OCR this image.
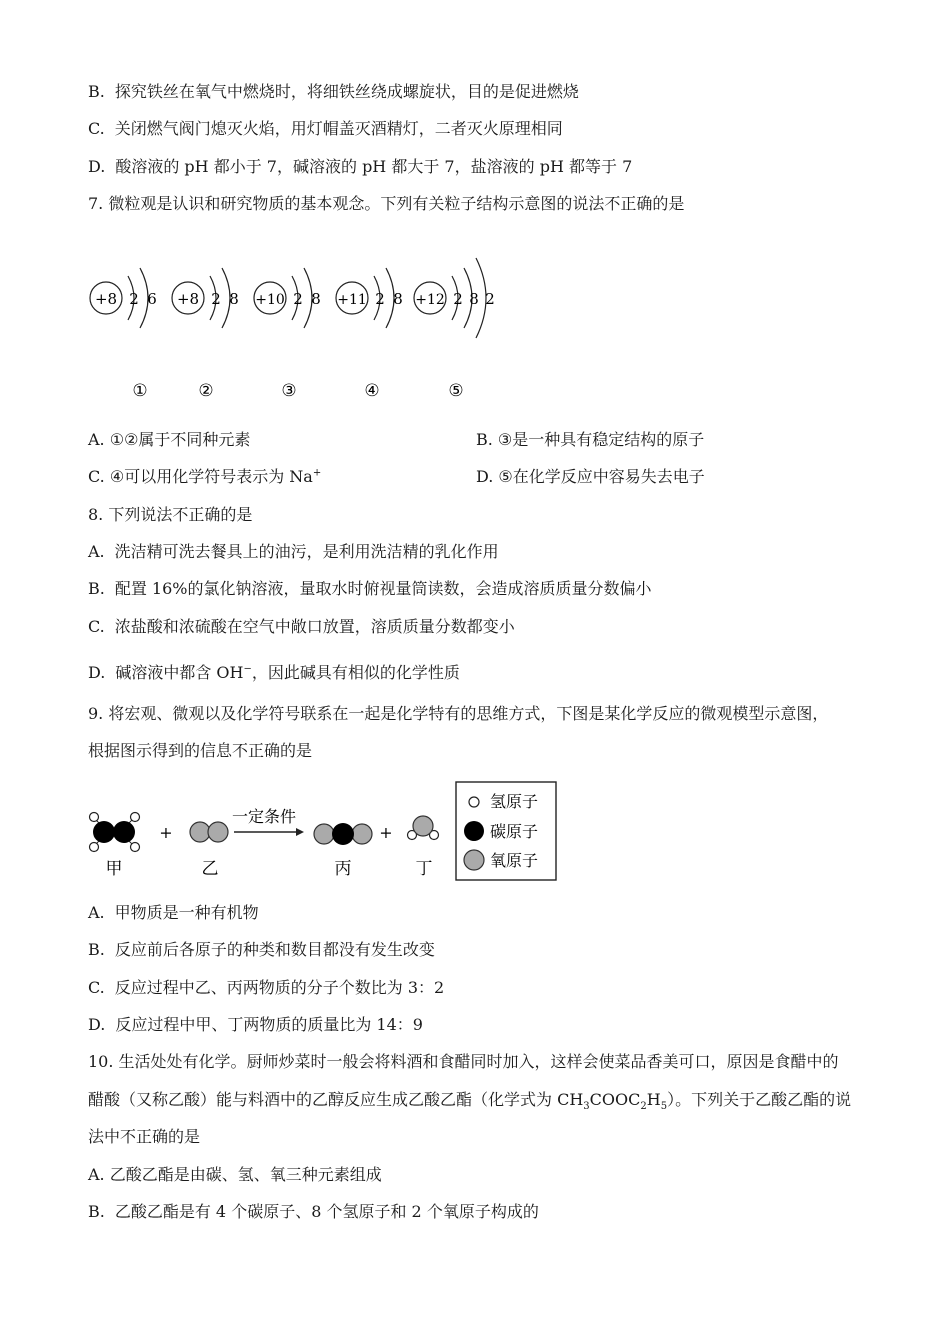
B. 探究铁丝在氧气中燃烧时，将细铁丝绕成螺旋状，目的是促进燃烧
C. 关闭燃气阀门熄灭火焰，用灯帽盖灭酒精灯，二者灭火原理相同
D. 酸溶液的 pH 都小于 7，碱溶液的 pH 都大于 7，盐溶液的 pH 都等于 7
7. 微粒观是认识和研究物质的基本观念。下列有关粒子结构示意图的说法不正确的是
+8 2 6 +8 2 8 +10 2 8 +11 2 8 +12 2 8 2
①	②	③	④	⑤
A. ①②属于不同种元素	B. ③是一种具有稳定结构的原子
C. ④可以用化学符号表示为 Na+	D. ⑤在化学反应中容易失去电子
8. 下列说法不正确的是
A. 洗洁精可洗去餐具上的油污，是利用洗洁精的乳化作用
B. 配置 16%的氯化钠溶液，量取水时俯视量筒读数，会造成溶质质量分数偏小
C. 浓盐酸和浓硫酸在空气中敞口放置，溶质质量分数都变小
D. 碱溶液中都含 OH−，因此碱具有相似的化学性质
9. 将宏观、微观以及化学符号联系在一起是化学特有的思维方式，下图是某化学反应的微观模型示意图，
根据图示得到的信息不正确的是
甲
+
乙
一定条件
丙
+
丁
氢原子
碳原子
氧原子
A. 甲物质是一种有机物
B. 反应前后各原子的种类和数目都没有发生改变
C. 反应过程中乙、丙两物质的分子个数比为 3：2
D. 反应过程中甲、丁两物质的质量比为 14：9
10. 生活处处有化学。厨师炒菜时一般会将料酒和食醋同时加入，这样会使菜品香美可口，原因是食醋中的
醋酸（又称乙酸）能与料酒中的乙醇反应生成乙酸乙酯（化学式为 $CH_3COOC_2H_5$）。下列关于乙酸乙酯的说
法中不正确的是
A. 乙酸乙酯是由碳、氢、氧三种元素组成
B. 乙酸乙酯是有 4 个碳原子、8 个氢原子和 2 个氧原子构成的
